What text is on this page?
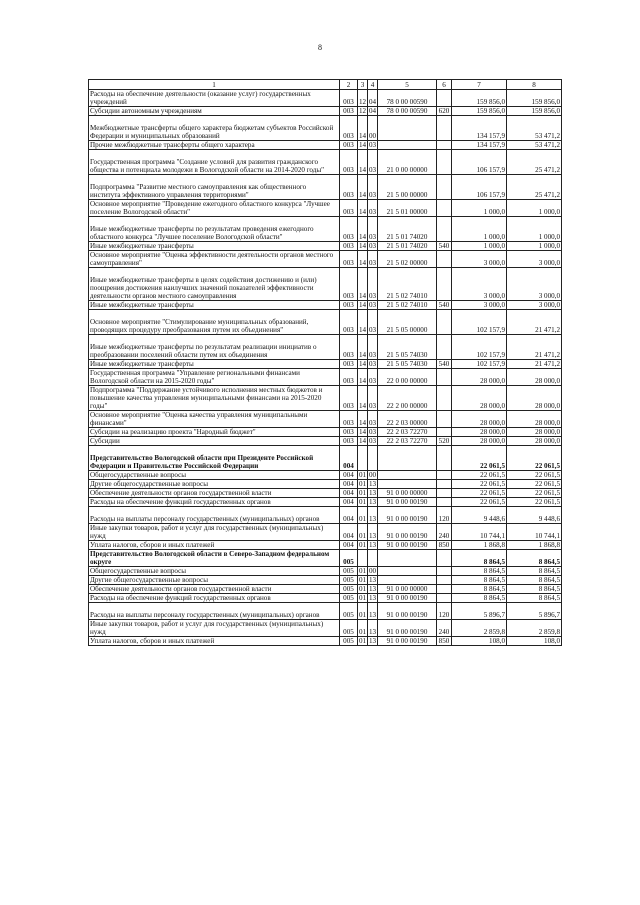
8
1	2	3	4	5	6	7	8
Расходы на обеспечение деятельности (оказание услуг) государственных учреждений	003	12	04	78 0 00 00590		159 856,0	159 856,0
Субсидии автономным учреждениям	003	12	04	78 0 00 00590	620	159 856,0	159 856,0
Межбюджетные трансферты общего характера бюджетам субъектов Российской Федерации и муниципальных образований	003	14	00			134 157,9	53 471,2
Прочие межбюджетные трансферты общего характера	003	14	03			134 157,9	53 471,2
Государственная программа "Создание условий для развития гражданского общества и потенциала молодежи в Вологодской области на 2014-2020 годы"	003	14	03	21 0 00 00000		106 157,9	25 471,2
Подпрограмма "Развитие местного самоуправления как общественного института эффективного управления территориями"	003	14	03	21 5 00 00000		106 157,9	25 471,2
Основное мероприятие "Проведение ежегодного областного конкурса "Лучшее поселение Вологодской области"	003	14	03	21 5 01 00000		1 000,0	1 000,0
Иные межбюджетные трансферты по результатам проведения ежегодного областного конкурса "Лучшее поселение Вологодской области"	003	14	03	21 5 01 74020		1 000,0	1 000,0
Иные межбюджетные трансферты	003	14	03	21 5 01 74020	540	1 000,0	1 000,0
Основное мероприятие "Оценка эффективности деятельности органов местного самоуправления"	003	14	03	21 5 02 00000		3 000,0	3 000,0
Иные межбюджетные трансферты в целях содействия достижению и (или) поощрения достижения наилучших значений показателей эффективности деятельности органов местного самоуправления	003	14	03	21 5 02 74010		3 000,0	3 000,0
Иные межбюджетные трансферты	003	14	03	21 5 02 74010	540	3 000,0	3 000,0
Основное мероприятие "Стимулирование муниципальных образований, проводящих процедуру преобразования путем их объединения"	003	14	03	21 5 05 00000		102 157,9	21 471,2
Иные межбюджетные трансферты по результатам реализации инициатив о преобразовании поселений области путем их объединения	003	14	03	21 5 05 74030		102 157,9	21 471,2
Иные межбюджетные трансферты	003	14	03	21 5 05 74030	540	102 157,9	21 471,2
Государственная программа "Управление региональными финансами Вологодской области на 2015-2020 годы"	003	14	03	22 0 00 00000		28 000,0	28 000,0
Подпрограмма "Поддержание устойчивого исполнения местных бюджетов и повышение качества управления муниципальными финансами на 2015-2020 годы"	003	14	03	22 2 00 00000		28 000,0	28 000,0
Основное мероприятие "Оценка качества управления муниципальными финансами"	003	14	03	22 2 03 00000		28 000,0	28 000,0
Субсидии на реализацию проекта "Народный бюджет"	003	14	03	22 2 03 72270		28 000,0	28 000,0
Субсидии	003	14	03	22 2 03 72270	520	28 000,0	28 000,0
Представительство Вологодской области при Президенте Российской Федерации и Правительстве Российской Федерации	004					22 061,5	22 061,5
Общегосударственные вопросы	004	01	00			22 061,5	22 061,5
Другие общегосударственные вопросы	004	01	13			22 061,5	22 061,5
Обеспечение деятельности органов государственной власти	004	01	13	91 0 00 00000		22 061,5	22 061,5
Расходы на обеспечение функций государственных органов	004	01	13	91 0 00 00190		22 061,5	22 061,5
Расходы на выплаты персоналу государственных (муниципальных) органов	004	01	13	91 0 00 00190	120	9 448,6	9 448,6
Иные закупки товаров, работ и услуг для государственных (муниципальных) нужд	004	01	13	91 0 00 00190	240	10 744,1	10 744,1
Уплата налогов, сборов и иных платежей	004	01	13	91 0 00 00190	850	1 868,8	1 868,8
Представительство Вологодской области в Северо-Западном федеральном округе	005					8 864,5	8 864,5
Общегосударственные вопросы	005	01	00			8 864,5	8 864,5
Другие общегосударственные вопросы	005	01	13			8 864,5	8 864,5
Обеспечение деятельности органов государственной власти	005	01	13	91 0 00 00000		8 864,5	8 864,5
Расходы на обеспечение функций государственных органов	005	01	13	91 0 00 00190		8 864,5	8 864,5
Расходы на выплаты персоналу государственных (муниципальных) органов	005	01	13	91 0 00 00190	120	5 896,7	5 896,7
Иные закупки товаров, работ и услуг для государственных (муниципальных) нужд	005	01	13	91 0 00 00190	240	2 859,8	2 859,8
Уплата налогов, сборов и иных платежей	005	01	13	91 0 00 00190	850	108,0	108,0
